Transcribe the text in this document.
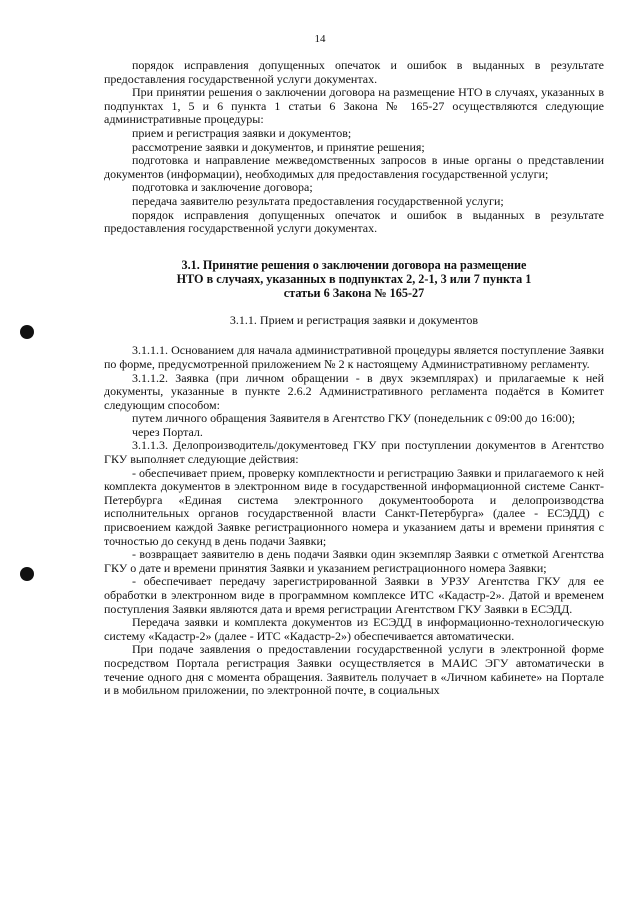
14

порядок исправления допущенных опечаток и ошибок в выданных в результате предоставления государственной услуги документах.

При принятии решения о заключении договора на размещение НТО в случаях, указанных в подпунктах 1, 5 и 6 пункта 1 статьи 6 Закона № 165-27 осуществляются следующие административные процедуры:

прием и регистрация заявки и документов;

рассмотрение заявки и документов, и принятие решения;

подготовка и направление межведомственных запросов в иные органы о представлении документов (информации), необходимых для предоставления государственной услуги;

подготовка и заключение договора;

передача заявителю результата предоставления государственной услуги;

порядок исправления допущенных опечаток и ошибок в выданных в результате предоставления государственной услуги документах.

3.1. Принятие решения о заключении договора на размещение
НТО в случаях, указанных в подпунктах 2, 2-1, 3 или 7 пункта 1
статьи 6 Закона № 165-27
3.1.1. Прием и регистрация заявки и документов

3.1.1.1. Основанием для начала административной процедуры является поступление Заявки по форме, предусмотренной приложением № 2 к настоящему Административному регламенту.

3.1.1.2. Заявка (при личном обращении - в двух экземплярах) и прилагаемые к ней документы, указанные в пункте 2.6.2 Административного регламента подаётся в Комитет следующим способом:

путем личного обращения Заявителя в Агентство ГКУ (понедельник с 09:00 до 16:00);

через Портал.

3.1.1.3. Делопроизводитель/документовед ГКУ при поступлении документов в Агентство ГКУ выполняет следующие действия:

- обеспечивает прием, проверку комплектности и регистрацию Заявки и прилагаемого к ней комплекта документов в электронном виде в государственной информационной системе Санкт-Петербурга «Единая система электронного документооборота и делопроизводства исполнительных органов государственной власти Санкт-Петербурга» (далее - ЕСЭДД) с присвоением каждой Заявке регистрационного номера и указанием даты и времени принятия с точностью до секунд в день подачи Заявки;

- возвращает заявителю в день подачи Заявки один экземпляр Заявки с отметкой Агентства ГКУ о дате и времени принятия Заявки и указанием регистрационного номера Заявки;

- обеспечивает передачу зарегистрированной Заявки в УРЗУ Агентства ГКУ для ее обработки в электронном виде в программном комплексе ИТС «Кадастр-2». Датой и временем поступления Заявки являются дата и время регистрации Агентством ГКУ Заявки в ЕСЭДД.

Передача заявки и комплекта документов из ЕСЭДД в информационно-технологическую систему «Кадастр-2» (далее - ИТС «Кадастр-2») обеспечивается автоматически.

При подаче заявления о предоставлении государственной услуги в электронной форме посредством Портала регистрация Заявки осуществляется в МАИС ЭГУ автоматически в течение одного дня с момента обращения. Заявитель получает в «Личном кабинете» на Портале и в мобильном приложении, по электронной почте, в социальных
